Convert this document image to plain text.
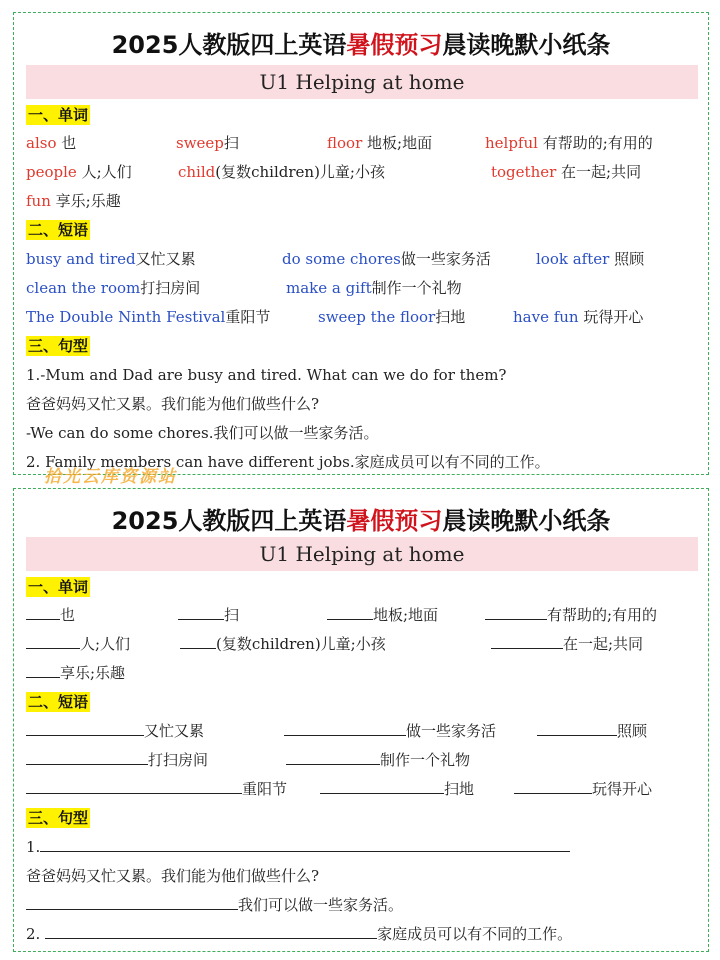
2025人教版四上英语暑假预习晨读晚默小纸条
U1 Helping at home
一、单词
also 也	sweep扫	floor 地板;地面	helpful 有帮助的;有用的
people 人;人们	child(复数children)儿童;小孩	together 在一起;共同
fun 享乐;乐趣
二、短语
busy and tired又忙又累	do some chores做一些家务活	look after 照顾
clean the room打扫房间	make a gift制作一个礼物
The Double Ninth Festival重阳节	sweep the floor扫地	have fun 玩得开心
三、句型
1.-Mum and Dad are busy and tired. What can we do for them?
爸爸妈妈又忙又累。我们能为他们做些什么?
-We can do some chores.我们可以做一些家务活。
2. Family members can have different jobs.家庭成员可以有不同的工作。
拾光云库资源站
2025人教版四上英语暑假预习晨读晚默小纸条
U1 Helping at home
一、单词
也	扫	地板;地面	有帮助的;有用的
人;人们	(复数children)儿童;小孩	在一起;共同
享乐;乐趣
二、短语
又忙又累	做一些家务活	照顾
打扫房间	制作一个礼物
重阳节	扫地	玩得开心
三、句型
1.
爸爸妈妈又忙又累。我们能为他们做些什么?
我们可以做一些家务活。
2.	家庭成员可以有不同的工作。
